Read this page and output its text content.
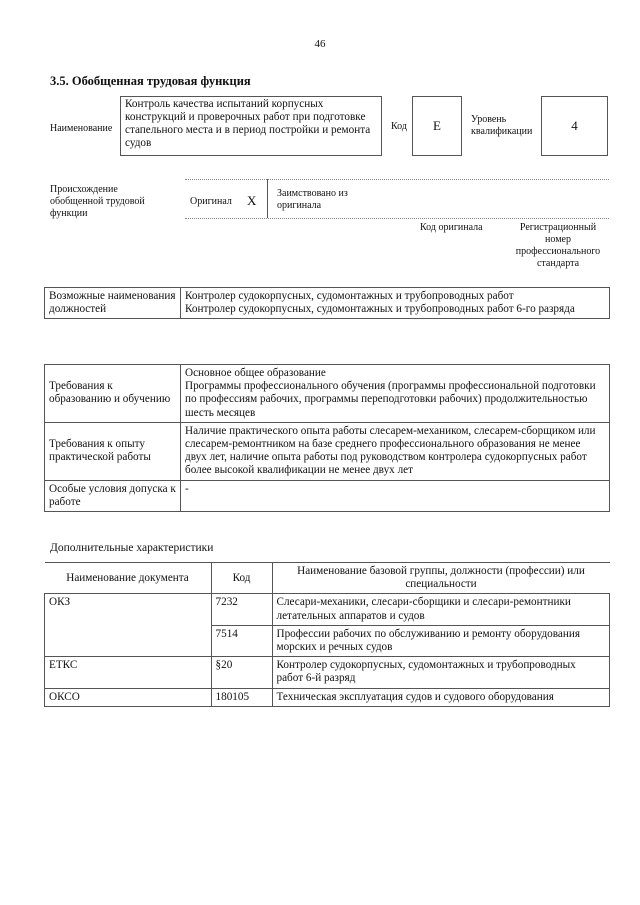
46
3.5. Обобщенная трудовая функция
Наименование
Контроль качества испытаний корпусных конструкций и проверочных работ при подготовке стапельного места и в период постройки и ремонта судов
Код	E	Уровень квалификации	4
Происхождение обобщенной трудовой функции
Оригинал X Заимствовано из оригинала
Код оригинала	Регистрационный номер профессионального стандарта
Возможные наименования должностей	
Контролер судокорпусных, судомонтажных и трубопроводных работ
Контролер судокорпусных, судомонтажных и трубопроводных работ 6-го разряда
Требования к образованию и обучению	Основное общее образование
Программы профессионального обучения (программы профессиональной подготовки по профессиям рабочих, программы переподготовки рабочих) продолжительностью шесть месяцев

Требования к опыту практической работы	Наличие практического опыта работы слесарем-механиком, слесарем-сборщиком или слесарем-ремонтником на базе среднего профессионального образования не менее двух лет, наличие опыта работы под руководством контролера судокорпусных работ более высокой квалификации не менее двух лет
Особые условия допуска к работе	-
Дополнительные характеристики
Наименование документа	Код	Наименование базовой группы, должности (профессии) или специальности
ОКЗ	7232	Слесари-механики, слесари-сборщики и слесари-ремонтники летательных аппаратов и судов
	7514	Профессии рабочих по обслуживанию и ремонту оборудования морских и речных судов
ЕТКС	§20	Контролер судокорпусных, судомонтажных и трубопроводных работ 6-й разряд
ОКСО	180105	Техническая эксплуатация судов и судового оборудования
